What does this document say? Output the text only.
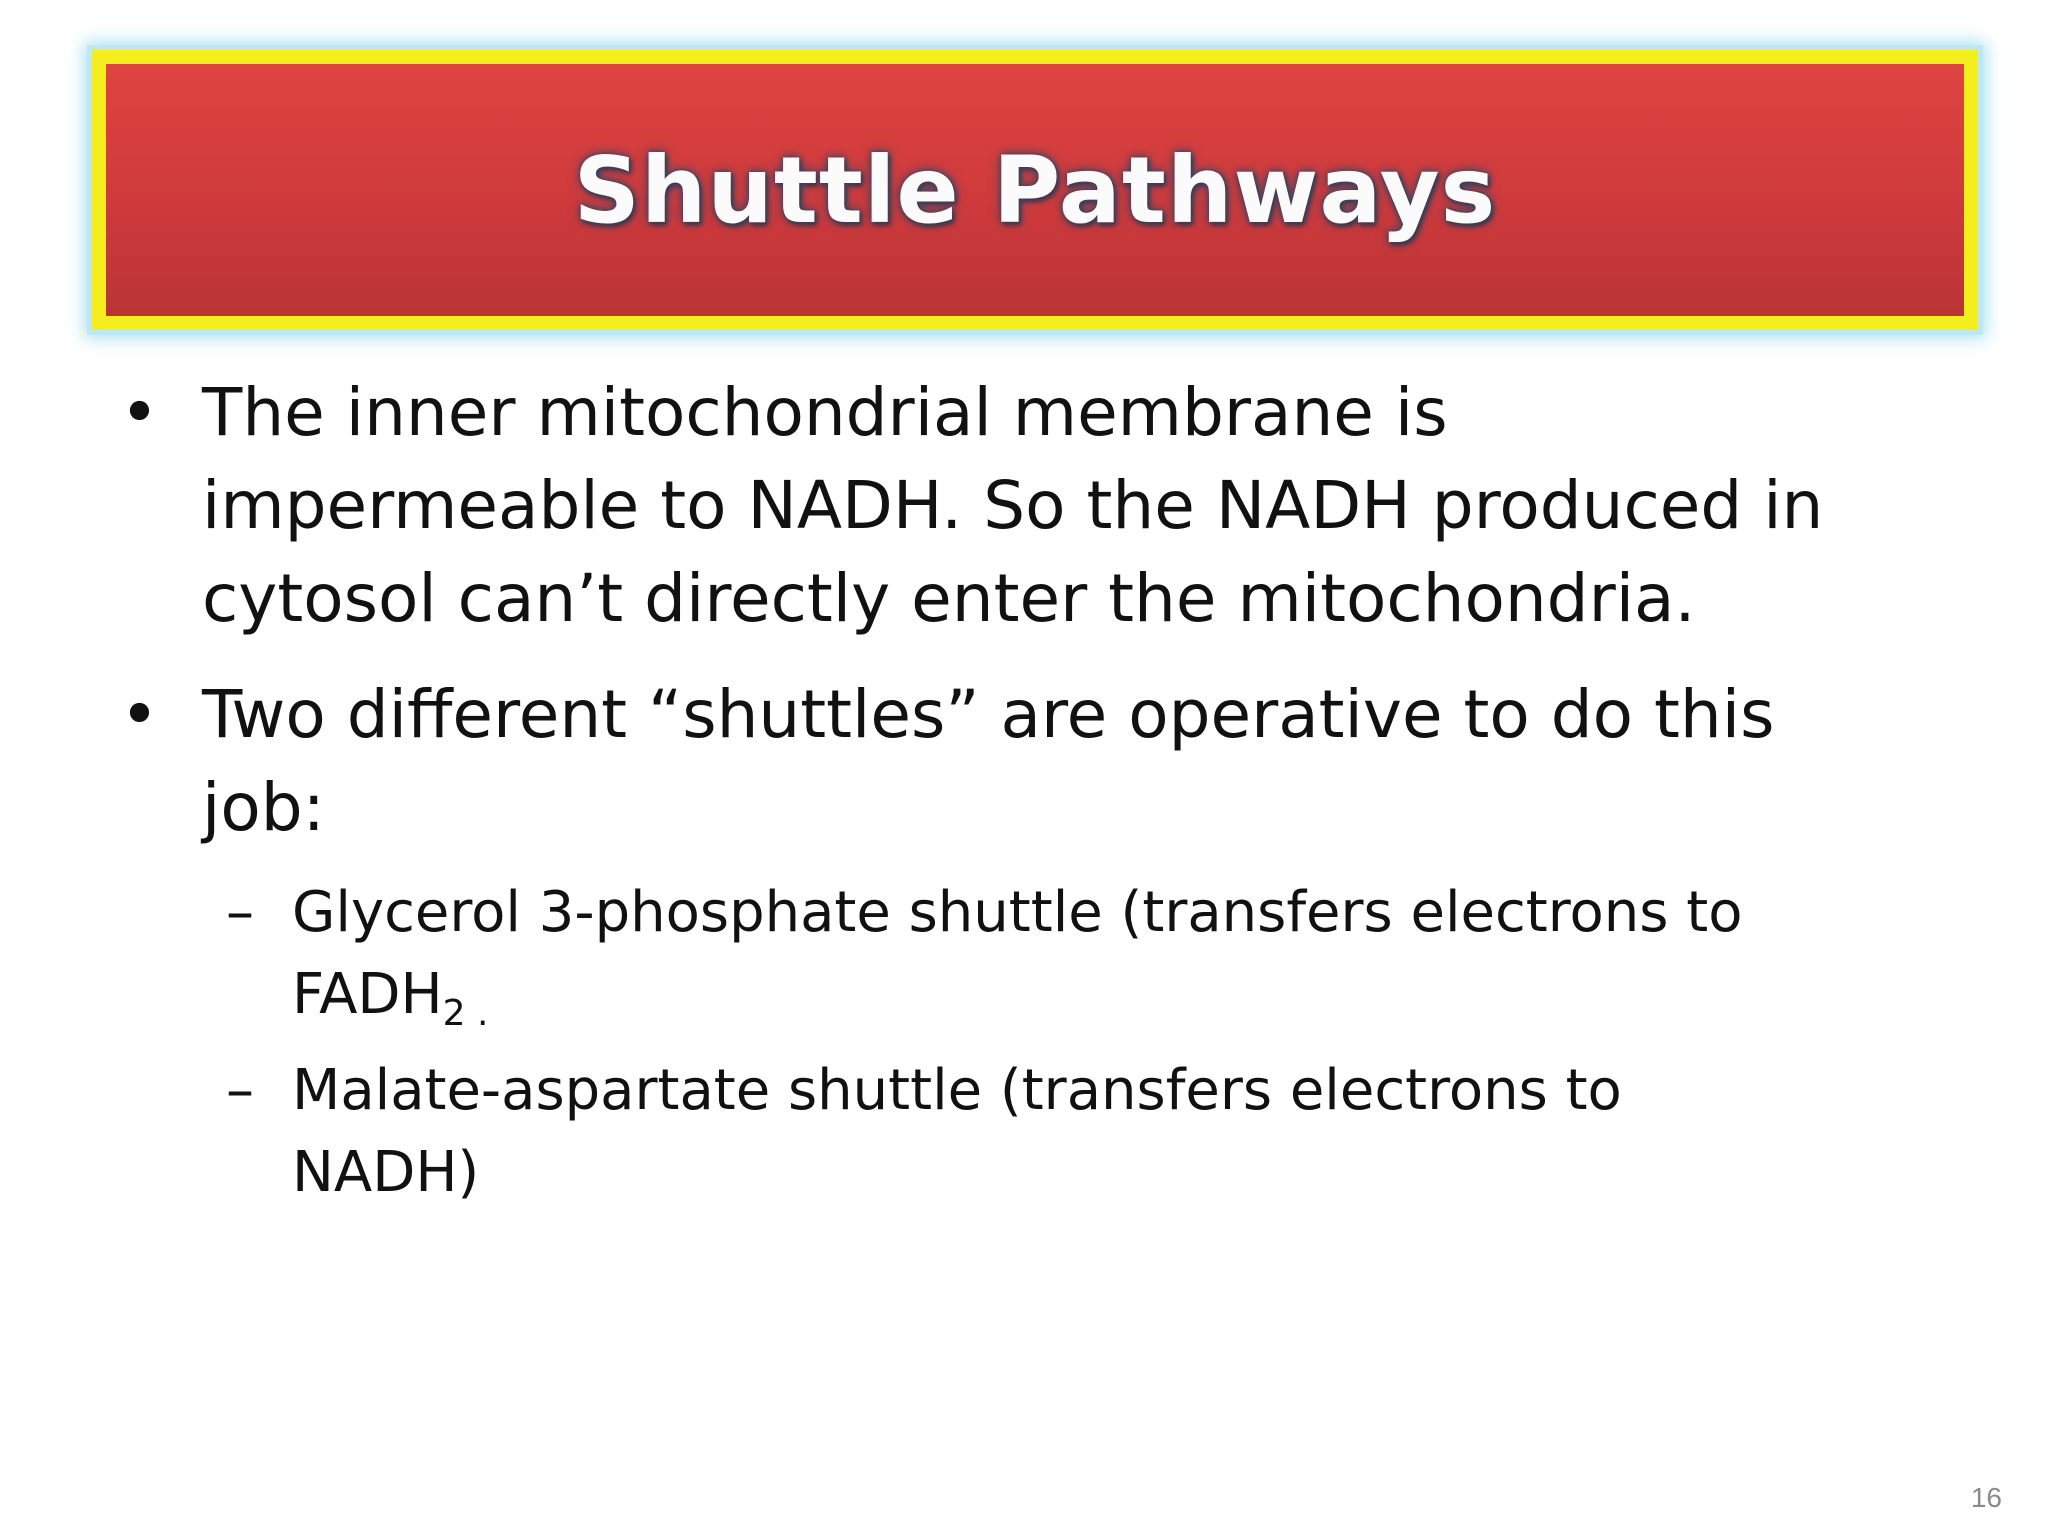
Shuttle Pathways
• The inner mitochondrial membrane is
impermeable to NADH. So the NADH produced in
cytosol can’t directly enter the mitochondria.
• Two different “shuttles” are operative to do this
job:
– Glycerol 3-phosphate shuttle (transfers electrons to
$FADH_{2 .}$
– Malate-aspartate shuttle (transfers electrons to
NADH)
16
